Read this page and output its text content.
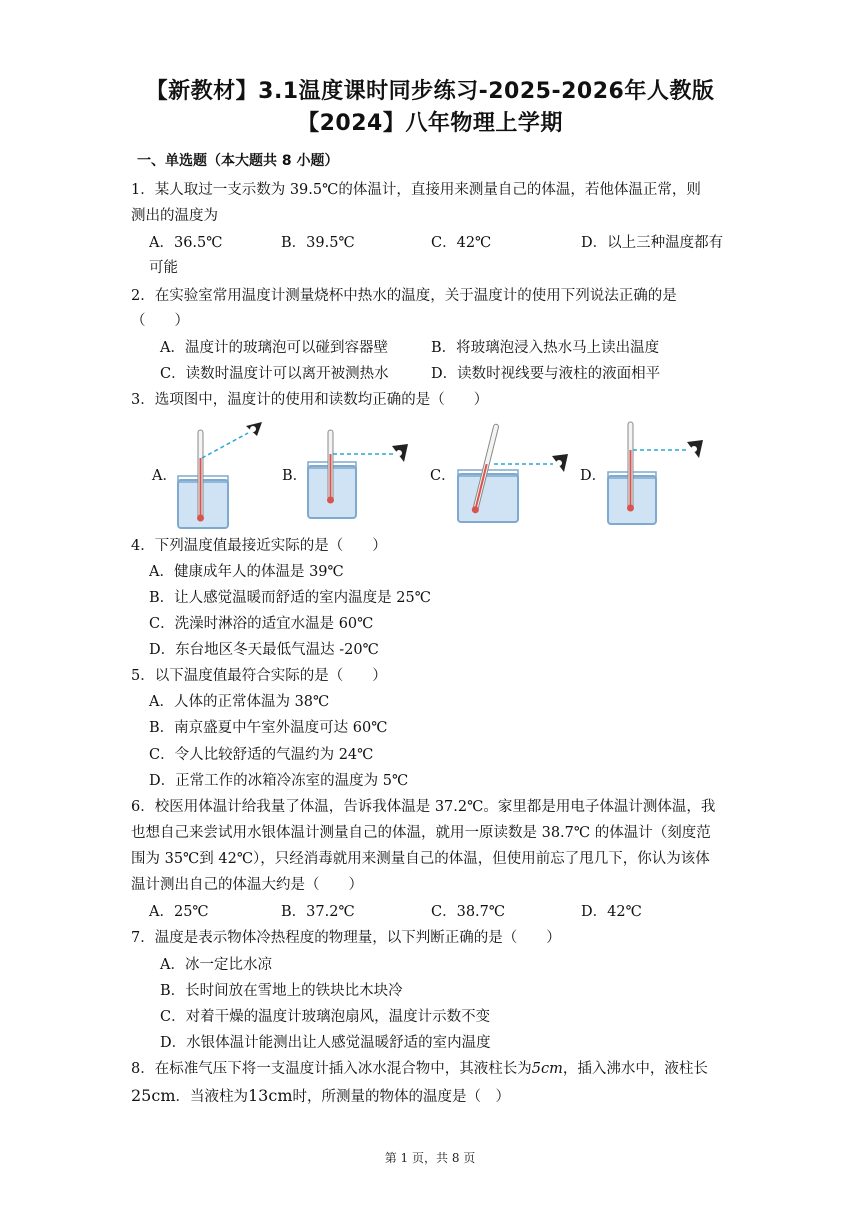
【新教材】3.1温度课时同步练习-2025-2026年人教版
【2024】八年物理上学期
一、单选题（本大题共 8 小题）
1．某人取过一支示数为 39.5℃的体温计，直接用来测量自己的体温，若他体温正常，则
测出的温度为
A．36.5℃	B．39.5℃	C．42℃	D．以上三种温度都有
可能
2．在实验室常用温度计测量烧杯中热水的温度，关于温度计的使用下列说法正确的是
（　　）
A．温度计的玻璃泡可以碰到容器壁	B．将玻璃泡浸入热水马上读出温度
C．读数时温度计可以离开被测热水	D．读数时视线要与液柱的液面相平
3．选项图中，温度计的使用和读数均正确的是（　　）
A．	B．	C．	D．
4．下列温度值最接近实际的是（　　）
A．健康成年人的体温是 39℃
B．让人感觉温暖而舒适的室内温度是 25℃
C．洗澡时淋浴的适宜水温是 60℃
D．东台地区冬天最低气温达 -20℃
5．以下温度值最符合实际的是（　　）
A．人体的正常体温为 38℃
B．南京盛夏中午室外温度可达 60℃
C．令人比较舒适的气温约为 24℃
D．正常工作的冰箱冷冻室的温度为 5℃
6．校医用体温计给我量了体温，告诉我体温是 37.2℃。家里都是用电子体温计测体温，我
也想自己来尝试用水银体温计测量自己的体温，就用一原读数是 38.7℃ 的体温计（刻度范
围为 35℃到 42℃），只经消毒就用来测量自己的体温，但使用前忘了甩几下，你认为该体
温计测出自己的体温大约是（　　）
A．25℃	B．37.2℃	C．38.7℃	D．42℃
7．温度是表示物体冷热程度的物理量，以下判断正确的是（　　）
A．冰一定比水凉
B．长时间放在雪地上的铁块比木块冷
C．对着干燥的温度计玻璃泡扇风，温度计示数不变
D．水银体温计能测出让人感觉温暖舒适的室内温度
8．在标准气压下将一支温度计插入冰水混合物中，其液柱长为5cm，插入沸水中，液柱长
25cm．当液柱为13cm时，所测量的物体的温度是（　）
第 1 页，共 8 页
